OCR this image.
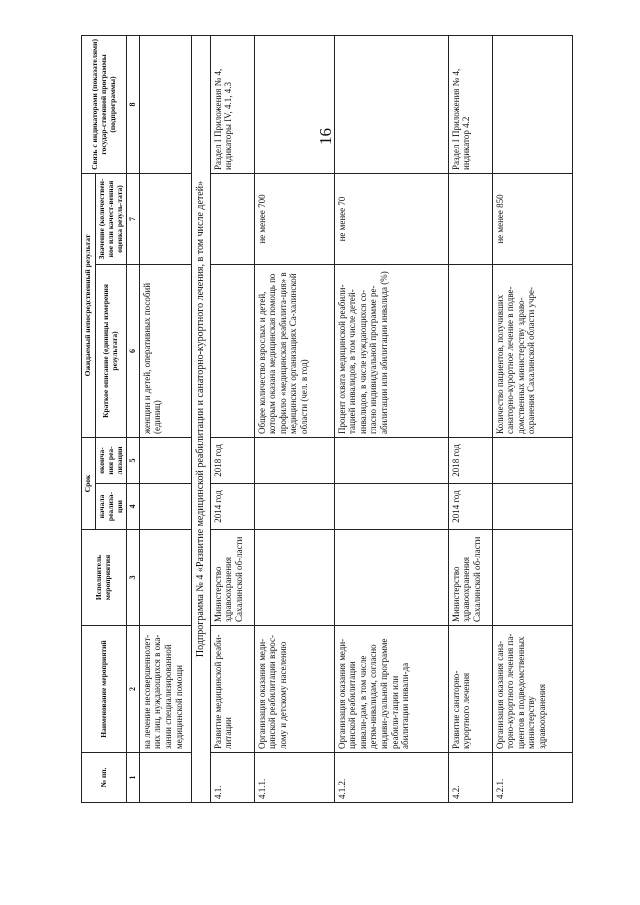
16
№ пп.	Наименование мероприятий	Исполнитель мероприятия	Срок		Ожидаемый непосредственный результат		Связь с индикаторами (показателями) государ-ственной программы (подпрограммы)
			начала реализа-ции	оконча-ния реа-лизации	Краткое описание (единицы измерения результата)	Значение (количествен-ное или качест-венная оценка резуль-тата)	

1	2	3	4	5	6	7	8
	на лечение несовершеннолет-них лиц, нуждающихся в ока-зании специализированной медицинской помощи				женщин и детей, оперативных пособий (единиц)		
Подпрограмма № 4 «Развитие медицинской реабилитации и санаторно-курортного лечения, в том числе детей»							
4.1.	Развитие медицинской реаби-литации	Министерство здравоохранения Сахалинской об-ласти	2014 год	2018 год			Раздел I Приложения № 4, индикаторы IV, 4.1, 4.3
4.1.1.	Организация оказания меди-цинской реабилитации взрос-лому и детскому населению				Общее количество взрослых и детей, которым оказана медицинская помощь по профилю «медицинская реабилита-ция» в медицинских организациях Са-халинской области (чел. в год)	не менее 700	
4.1.2.	Организация оказания меди-цинской реабилитации инвали-дам, в том числе детям-инвалидам, согласно индиви-дуальной программе реабили-тации или абилитации инвали-да				Процент охвата медицинской реабили-тацией инвалидов, в том числе детей-инвалидов, в числе нуждающихся со-гласно индивидуальной программе ре-абилитации или абилитации инвалида (%)	не менее 70	
4.2.	Развитие санаторно-курортного лечения	Министерство здравоохранения Сахалинской об-ласти	2014 год	2018 год			Раздел I Приложения № 4, индикатор 4.2
4.2.1.	Организация оказания сана-торно-курортного лечения па-циентов в подведомственных министерству здравоохранения				Количество пациентов, получивших санаторно-курортное лечение в подве-домственных министерству здраво-охранения Сахалинской области учре-	не менее 850	
